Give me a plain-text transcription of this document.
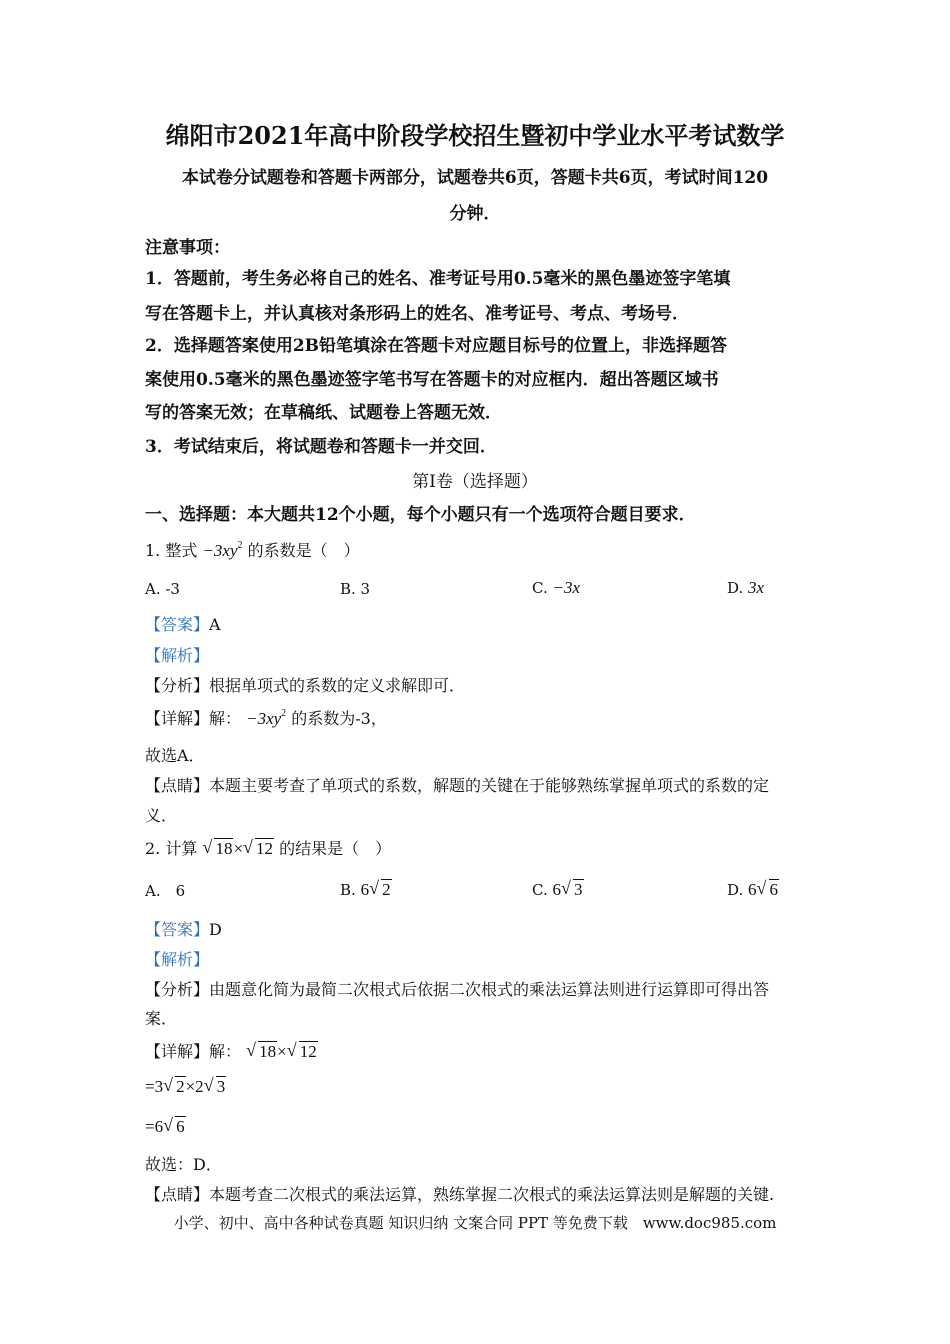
绵阳市2021年高中阶段学校招生暨初中学业水平考试数学
本试卷分试题卷和答题卡两部分，试题卷共6页，答题卡共6页，考试时间120
分钟．
注意事项：
1．答题前，考生务必将自己的姓名、准考证号用0.5毫米的黑色墨迹签字笔填
写在答题卡上，并认真核对条形码上的姓名、准考证号、考点、考场号．
2．选择题答案使用2B铅笔填涂在答题卡对应题目标号的位置上，非选择题答
案使用0.5毫米的黑色墨迹签字笔书写在答题卡的对应框内．超出答题区域书
写的答案无效；在草稿纸、试题卷上答题无效．
3．考试结束后，将试题卷和答题卡一并交回．
第Ⅰ卷（选择题）
一、选择题：本大题共12个小题，每个小题只有一个选项符合题目要求．
1. 整式 $-3xy^2$ 的系数是（　）
A. -3	B. 3	C. −3x	D. 3x
【答案】A
【解析】
【分析】根据单项式的系数的定义求解即可．
【详解】解： $-3xy^2$ 的系数为-3，
故选A．
【点睛】本题主要考查了单项式的系数，解题的关键在于能够熟练掌握单项式的系数的定
义．
2. 计算 √ 18× √ 12 的结果是（　）
A.　6	B. 6 √ 2	C. 6 √ 3	D. 6 √ 6
【答案】D
【解析】
【分析】由题意化简为最简二次根式后依据二次根式的乘法运算法则进行运算即可得出答
案．
【详解】解： √ 18× √ 12
=3 √ 2×2 √ 3
=6 √ 6
故选：D．
【点睛】本题考查二次根式的乘法运算，熟练掌握二次根式的乘法运算法则是解题的关键.
小学、初中、高中各种试卷真题 知识归纳 文案合同 PPT 等免费下载　www.doc985.com
